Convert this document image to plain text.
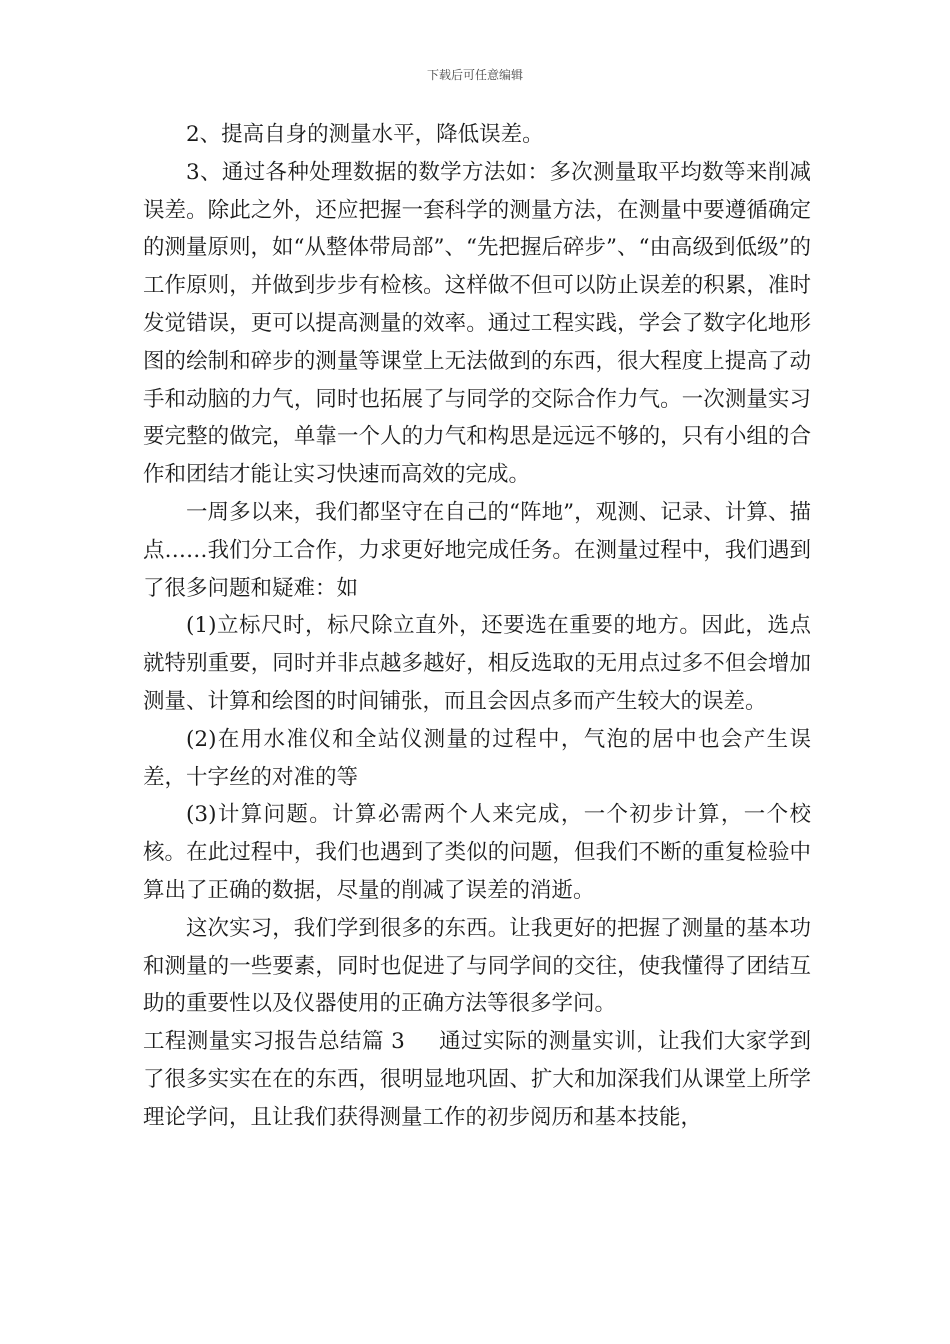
下载后可任意编辑

2、提高自身的测量水平，降低误差。

3、通过各种处理数据的数学方法如：多次测量取平均数等来削减误差。除此之外，还应把握一套科学的测量方法，在测量中要遵循确定的测量原则，如“从整体带局部”、“先把握后碎步”、“由高级到低级”的工作原则，并做到步步有检核。这样做不但可以防止误差的积累，准时发觉错误，更可以提高测量的效率。通过工程实践，学会了数字化地形图的绘制和碎步的测量等课堂上无法做到的东西，很大程度上提高了动手和动脑的力气，同时也拓展了与同学的交际合作力气。一次测量实习要完整的做完，单靠一个人的力气和构思是远远不够的，只有小组的合作和团结才能让实习快速而高效的完成。

一周多以来，我们都坚守在自己的“阵地”，观测、记录、计算、描点……我们分工合作，力求更好地完成任务。在测量过程中，我们遇到了很多问题和疑难：如

(1)立标尺时，标尺除立直外，还要选在重要的地方。因此，选点就特别重要，同时并非点越多越好，相反选取的无用点过多不但会增加测量、计算和绘图的时间铺张，而且会因点多而产生较大的误差。

(2)在用水准仪和全站仪测量的过程中，气泡的居中也会产生误差，十字丝的对准的等

(3)计算问题。计算必需两个人来完成，一个初步计算，一个校核。在此过程中，我们也遇到了类似的问题，但我们不断的重复检验中算出了正确的数据，尽量的削减了误差的消逝。

这次实习，我们学到很多的东西。让我更好的把握了测量的基本功和测量的一些要素，同时也促进了与同学间的交往，使我懂得了团结互助的重要性以及仪器使用的正确方法等很多学问。

工程测量实习报告总结篇 3 通过实际的测量实训，让我们大家学到了很多实实在在的东西，很明显地巩固、扩大和加深我们从课堂上所学理论学问，且让我们获得测量工作的初步阅历和基本技能，
